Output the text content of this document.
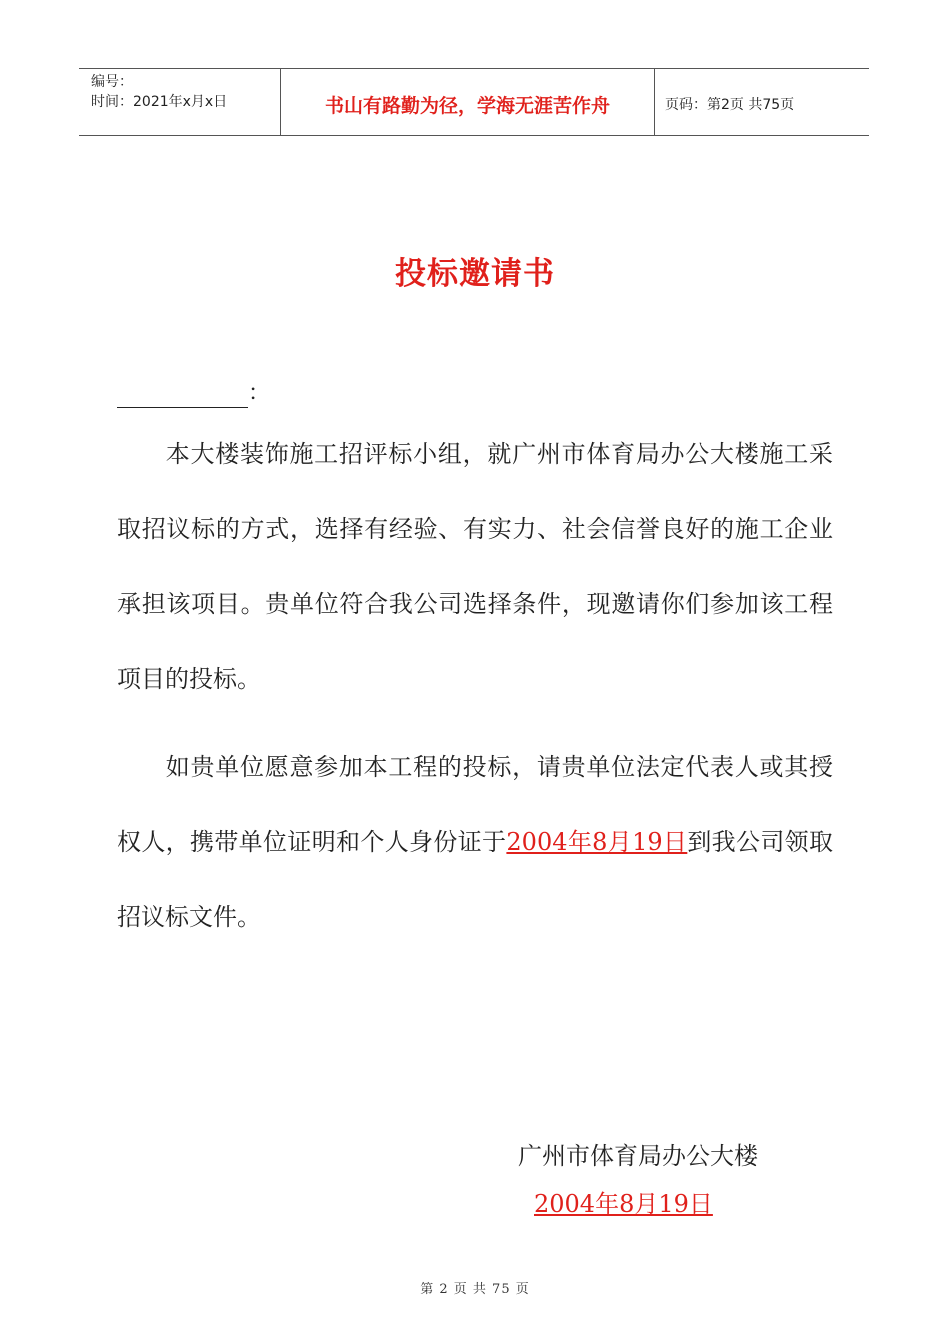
编号：
时间：2021年x月x日	书山有路勤为径，学海无涯苦作舟	页码：第2页 共75页
投标邀请书
：

本大楼装饰施工招评标小组，就广州市体育局办公大楼施工采取招议标的方式，选择有经验、有实力、社会信誉良好的施工企业承担该项目。贵单位符合我公司选择条件，现邀请你们参加该工程项目的投标。

如贵单位愿意参加本工程的投标，请贵单位法定代表人或其授权人，携带单位证明和个人身份证于2004年8月19日到我公司领取招议标文件。

广州市体育局办公大楼
2004年8月19日
第 2 页 共 75 页
